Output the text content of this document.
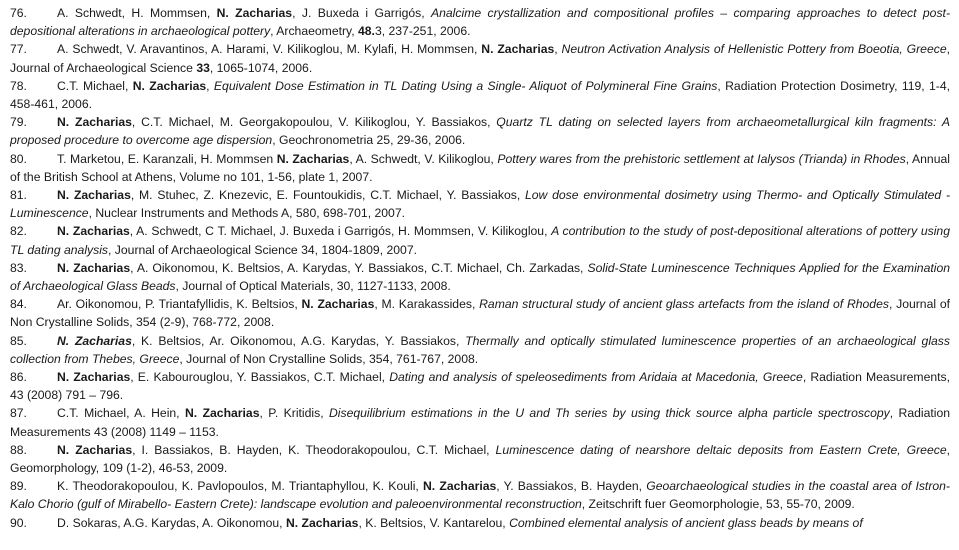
76. A. Schwedt, H. Mommsen, N. Zacharias, J. Buxeda i Garrigós, Analcime crystallization and compositional profiles – comparing approaches to detect post-depositional alterations in archaeological pottery, Archaeometry, 48.3, 237-251, 2006.

77. A. Schwedt, V. Aravantinos, A. Harami, V. Kilikoglou, M. Kylafi, H. Mommsen, N. Zacharias, Neutron Activation Analysis of Hellenistic Pottery from Boeotia, Greece, Journal of Archaeological Science 33, 1065-1074, 2006.

78. C.T. Michael, N. Zacharias, Equivalent Dose Estimation in TL Dating Using a Single- Aliquot of Polymineral Fine Grains, Radiation Protection Dosimetry, 119, 1-4, 458-461, 2006.

79. N. Zacharias, C.T. Michael, M. Georgakopoulou, V. Kilikoglou, Y. Bassiakos, Quartz TL dating on selected layers from archaeometallurgical kiln fragments: A proposed procedure to overcome age dispersion, Geochronometria 25, 29-36, 2006.

80. T. Marketou, E. Karanzali, H. Mommsen N. Zacharias, A. Schwedt, V. Kilikoglou, Pottery wares from the prehistoric settlement at Ialysos (Trianda) in Rhodes, Annual of the British School at Athens, Volume no 101, 1-56, plate 1, 2007.

81. N. Zacharias, M. Stuhec, Z. Knezevic, E. Fountoukidis, C.T. Michael, Y. Bassiakos, Low dose environmental dosimetry using Thermo- and Optically Stimulated -Luminescence, Nuclear Instruments and Methods A, 580, 698-701, 2007.

82. N. Zacharias, A. Schwedt, C T. Michael, J. Buxeda i Garrigós, H. Mommsen, V. Kilikoglou, A contribution to the study of post-depositional alterations of pottery using TL dating analysis, Journal of Archaeological Science 34, 1804-1809, 2007.

83. N. Zacharias, A. Oikonomou, K. Beltsios, A. Karydas, Y. Bassiakos, C.T. Michael, Ch. Zarkadas, Solid-State Luminescence Techniques Applied for the Examination of Archaeological Glass Beads, Journal of Optical Materials, 30, 1127-1133, 2008.

84. Ar. Oikonomou, P. Triantafyllidis, K. Beltsios, N. Zacharias, M. Karakassides, Raman structural study of ancient glass artefacts from the island of Rhodes, Journal of Non Crystalline Solids, 354 (2-9), 768-772, 2008.

85. N. Zacharias, K. Beltsios, Ar. Oikonomou, A.G. Karydas, Y. Bassiakos, Thermally and optically stimulated luminescence properties of an archaeological glass collection from Thebes, Greece, Journal of Non Crystalline Solids, 354, 761-767, 2008.

86. N. Zacharias, E. Kabourouglou, Y. Bassiakos, C.T. Michael, Dating and analysis of speleosediments from Aridaia at Macedonia, Greece, Radiation Measurements, 43 (2008) 791 – 796.

87. C.T. Michael, A. Hein, N. Zacharias, P. Kritidis, Disequilibrium estimations in the U and Th series by using thick source alpha particle spectroscopy, Radiation Measurements 43 (2008) 1149 – 1153.

88. N. Zacharias, I. Bassiakos, B. Hayden, K. Theodorakopoulou, C.T. Michael, Luminescence dating of nearshore deltaic deposits from Eastern Crete, Greece, Geomorphology, 109 (1-2), 46-53, 2009.

89. K. Theodorakopoulou, K. Pavlopoulos, M. Triantaphyllou, K. Kouli, N. Zacharias, Y. Bassiakos, B. Hayden, Geoarchaeological studies in the coastal area of Istron-Kalo Chorio (gulf of Mirabello- Eastern Crete): landscape evolution and paleoenvironmental reconstruction, Zeitschrift fuer Geomorphologie, 53, 55-70, 2009.

90. D. Sokaras, A.G. Karydas, A. Oikonomou, N. Zacharias, K. Beltsios, V. Kantarelou, Combined elemental analysis of ancient glass beads by means of
